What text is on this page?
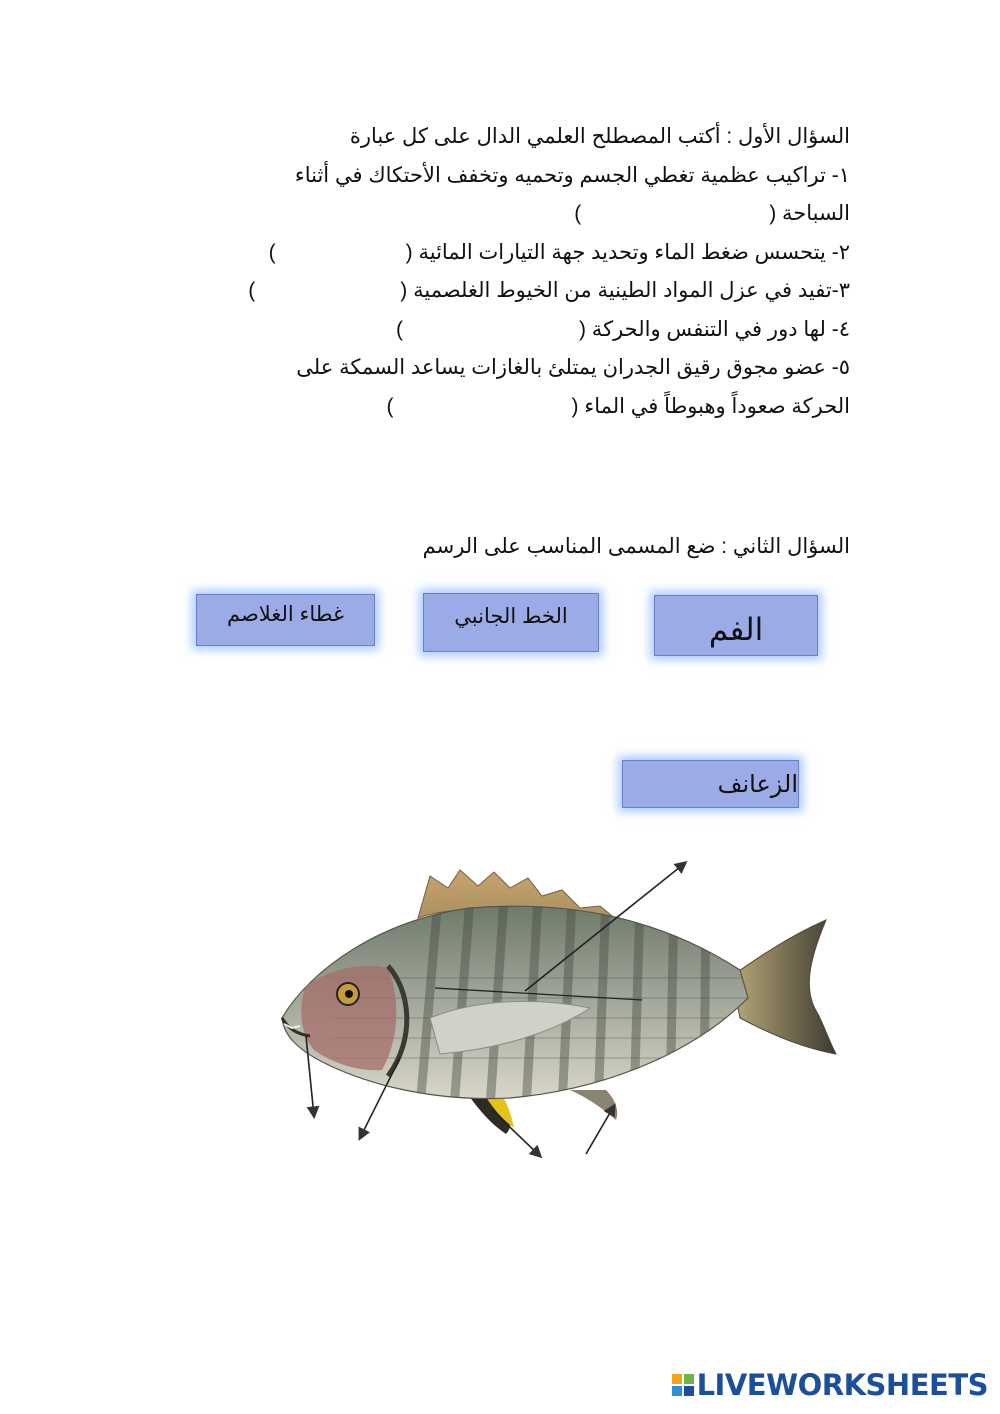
السؤال الأول : أكتب المصطلح العلمي الدال على كل عبارة
١- تراكيب عظمية تغطي الجسم وتحميه وتخفف الأحتكاك في أثناء
السباحة ()
٢- يتحسس ضغط الماء وتحديد جهة التيارات المائية ()
٣-تفيد في عزل المواد الطينية من الخيوط الغلصمية ()
٤- لها دور في التنفس والحركة ()
٥- عضو مجوق رقيق الجدران يمتلئ بالغازات يساعد السمكة على
الحركة صعوداً وهبوطاً في الماء ()
السؤال الثاني : ضع المسمى المناسب على الرسم
غطاء الغلاصم	الخط الجانبي	الفم
الزعانف
LIVEWORKSHEETS
